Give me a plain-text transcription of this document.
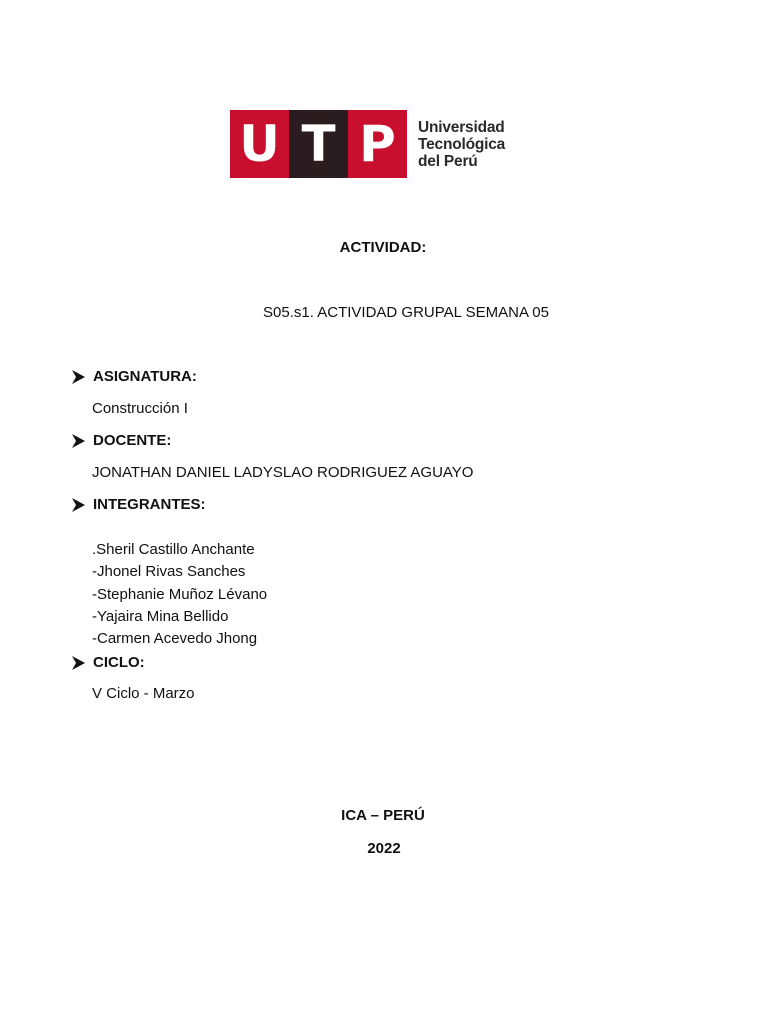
U T P	Universidad
Tecnológica
del Perú
ACTIVIDAD:
S05.s1. ACTIVIDAD GRUPAL SEMANA 05
ASIGNATURA:
Construcción I
DOCENTE:
JONATHAN DANIEL LADYSLAO RODRIGUEZ AGUAYO
INTEGRANTES:
.Sheril Castillo Anchante
-Jhonel Rivas Sanches
-Stephanie Muñoz Lévano
-Yajaira Mina Bellido
-Carmen Acevedo Jhong
CICLO:
V Ciclo - Marzo
ICA – PERÚ
2022
